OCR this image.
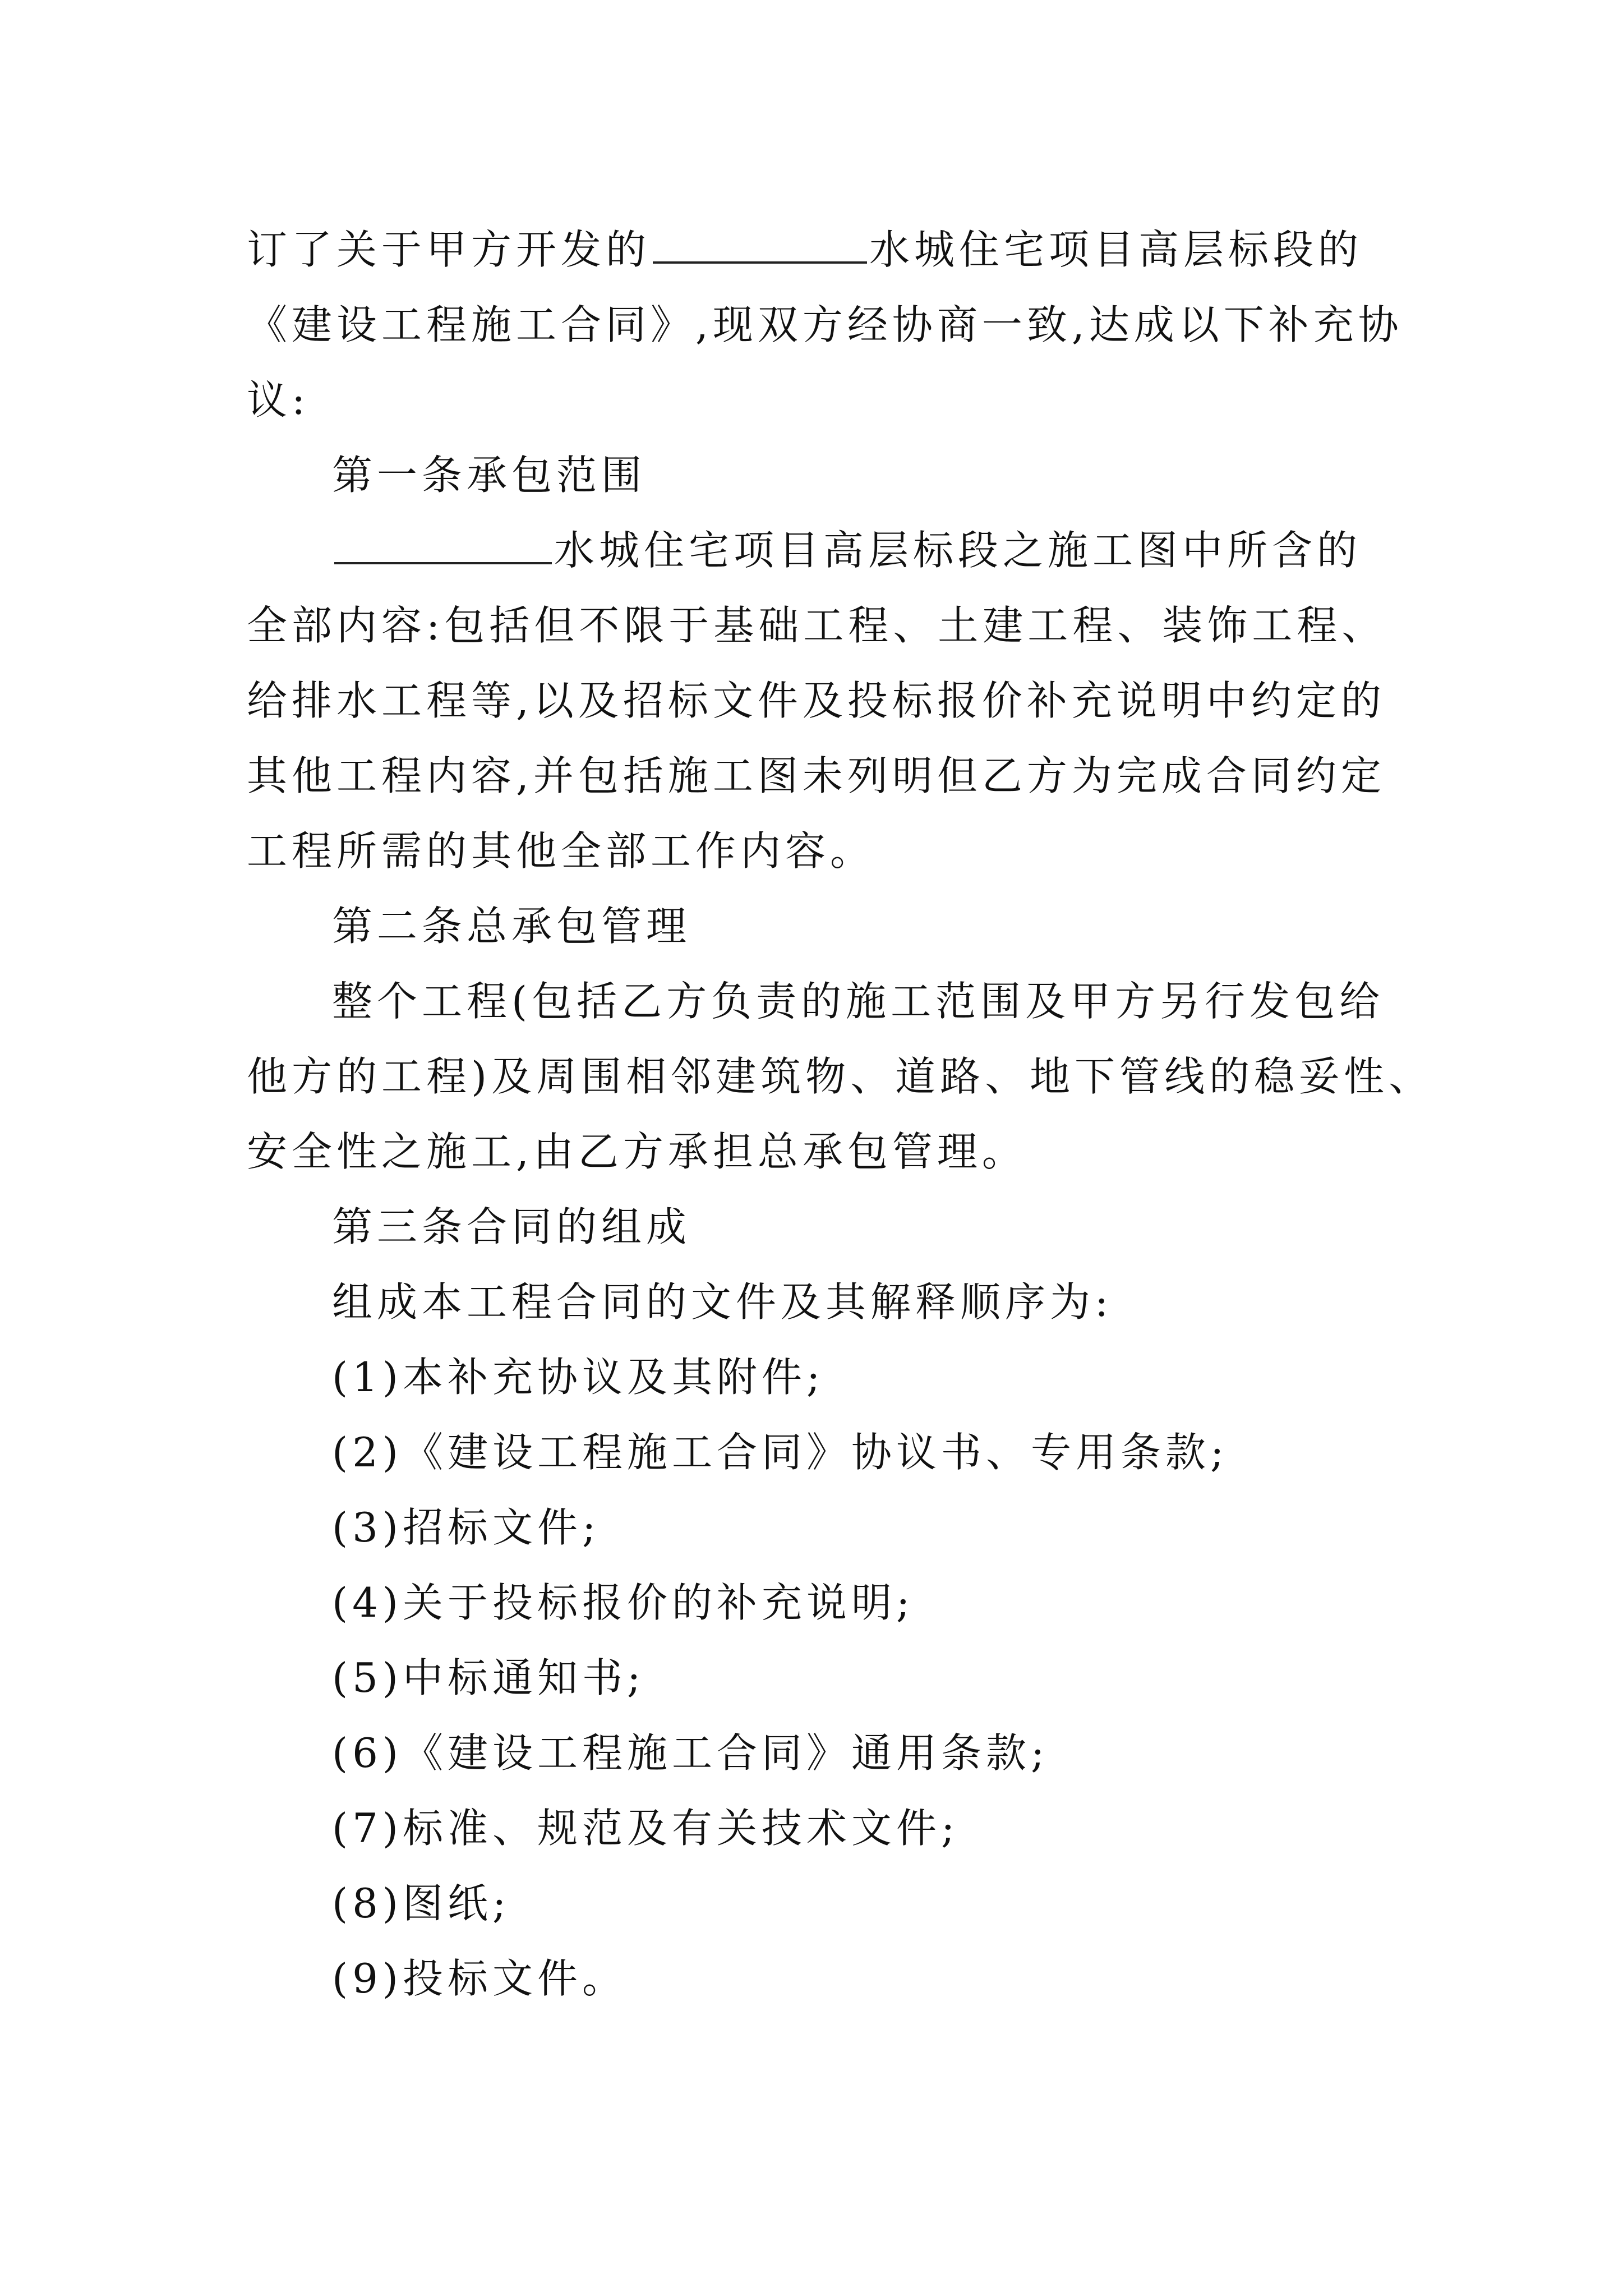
订了关于甲方开发的	水城住宅项目高层标段的
《建设工程施工合同》,现双方经协商一致,达成以下补充协
议:
第一条承包范围
水城住宅项目高层标段之施工图中所含的
全部内容:包括但不限于基础工程、土建工程、装饰工程、
给排水工程等,以及招标文件及投标报价补充说明中约定的
其他工程内容,并包括施工图未列明但乙方为完成合同约定
工程所需的其他全部工作内容。
第二条总承包管理
整个工程(包括乙方负责的施工范围及甲方另行发包给
他方的工程)及周围相邻建筑物、道路、地下管线的稳妥性、
安全性之施工,由乙方承担总承包管理。
第三条合同的组成
组成本工程合同的文件及其解释顺序为:
(1)本补充协议及其附件;
(2)《建设工程施工合同》协议书、专用条款;
(3)招标文件;
(4)关于投标报价的补充说明;
(5)中标通知书;
(6)《建设工程施工合同》通用条款;
(7)标准、规范及有关技术文件;
(8)图纸;
(9)投标文件。
